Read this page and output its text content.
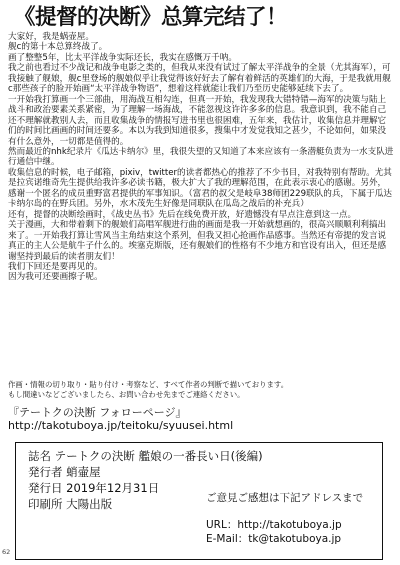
《提督的决断》总算完结了！

大家好，我是蜗壶屋。

舰c的第十本总算终战了。

画了整整5年，比太平洋战争实际还长，我实在感慨万千呐。

我之前也看过不少战记和战争电影之类的，但我从来没有试过了解太平洋战争的全景（尤其海军），可我接触了舰娘，舰c里登场的舰娘似乎让我觉得该好好去了解有着鲜活的英雄们的大海，于是我就用舰c那些孩子的脸开始画“太平洋战争物语”，想着这样就能让我们乃至历史能够延续下去了。

一开始我打算画一个三部曲，用海战互相勾连，但真一开始，我发现我大错特错—海军的决策与陆上战斗和政治要素关系紧密，为了理解一场海战，不能忽视这许许多多的信息。我意识到，我不能自己还不理解就教别人去，而且收集战争的情报写进书里也很困难，五年来，我估计，收集信息并理解它们的时间比画画的时间还要多。本以为我到知道很多，搜集中才发觉我知之甚少，不论如何，如果没有什么意外，一切都是值得的。

然而最近的nhk纪录片《瓜达卡纳尔》里，我很失望的又知道了本来应该有一条潜艇负责为一水支队进行通信中继。

收集信息的时候，电子邮箱，pixiv，twitter的读者都热心的推荐了不少书目，对我特别有帮助。尤其是拉宾诺维奇先生提供给我许多必读书籍，极大扩大了我的理解范围，在此表示衷心的感谢。另外，感谢一个匿名的成员重野富君提供的军事知识。（富君的叔父是岐阜38师团229联队的兵，下属于瓜达卡纳尔岛的在野兵团。另外，水木茂先生好像是同联队在瓜岛之战后的补充兵）

还有，提督的决断绘画时，《战史丛书》先后在线免费开放，好遗憾没有早点注意到这一点。

关于漫画，大和带着剩下的舰娘们高唱军舰进行曲的画面是我一开始就想画的，很高兴顺顺利利搞出来了。一开始我打算让雪风当主角结束这个系列，但我又担心抢画作品感事。当然还有帝提的发言说真正的主人公是航牛子什么的。埃塞克斯版，还有舰娘们的性格有不少地方和官设有出入，但还是感谢坚持到最后的读者朋友们！

我们下回还是要再见的。

因为我可还要画擦子呢。

作画・情報の切り取り・貼り付け・考察など、すべて作者の判断で描いております。
もし間違いなどございましたら、お問い合わせ先までご連絡ください。
『テートクの決断 フォローページ』
http://takotuboya.jp/teitoku/syuusei.html
誌名 テートクの決断 艦娘の一番長い日(後編)
発行者 蛸壷屋
発行日 2019年12月31日
印刷所 大陽出版	ご意見ご感想は下記アドレスまで
URL：http://takotuboya.jp
E-Mail：tk@takotuboya.jp
62
